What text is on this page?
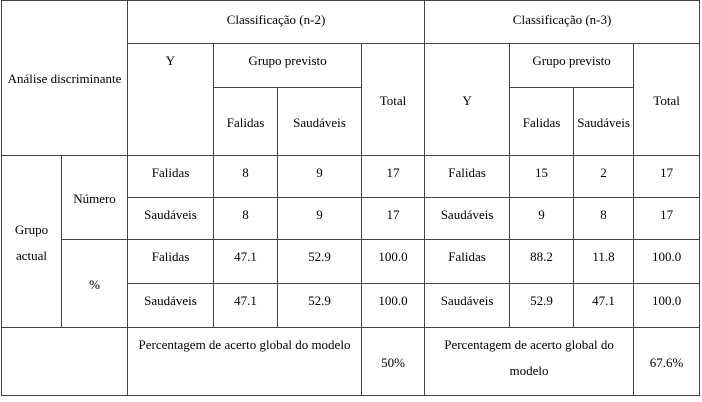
Análise discriminante		Classificação (n-2)				Classificação (n-3)			
		Y	Grupo previsto		Total	Y	Grupo previsto		Total
			Falidas	Saudáveis			Falidas	Saudáveis	
Grupo actual	Número	Falidas	8	9	17	Falidas	15	2	17
		Saudáveis	8	9	17	Saudáveis	9	8	17
	%	Falidas	47.1	52.9	100.0	Falidas	88.2	11.8	100.0
		Saudáveis	47.1	52.9	100.0	Saudáveis	52.9	47.1	100.0
		Percentagem de acerto global do modelo			50%	Percentagem de acerto global do modelo			67.6%
